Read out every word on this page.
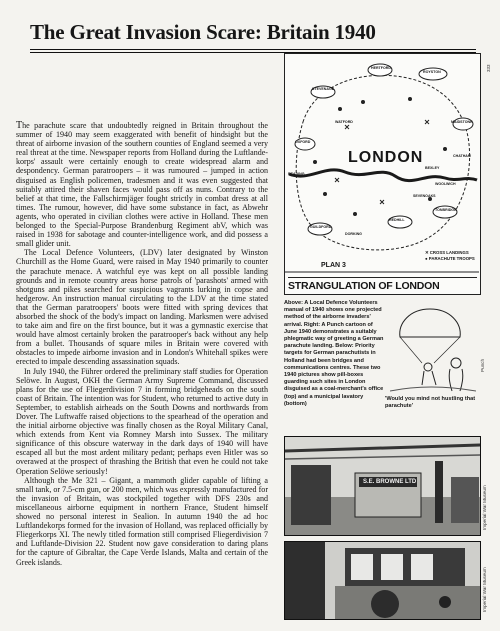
The Great Invasion Scare: Britain 1940

The parachute scare that undoubtedly reigned in Britain throughout the summer of 1940 may seem exaggerated with benefit of hindsight but the threat of airborne invasion of the southern counties of England seemed a very real threat at the time. Newspaper reports from Holland during the Luftlande-korps' assault were certainly enough to create widespread alarm and despondency. German paratroopers – it was rumoured – jumped in action disguised as English policemen, tradesmen and it was even suggested that suitably attired their shaven faces would pass off as nuns. Contrary to the belief at that time, the Fallschirmjäger fought strictly in combat dress at all times. The rumour, however, did have some substance in fact, as Abwehr agents, who operated in civilian clothes were active in Holland. These men belonged to the Special-Purpose Brandenburg Regiment abV, which was raised in 1938 for sabotage and counter-intelligence work, and did possess a small glider unit.

The Local Defence Volunteers, (LDV) later designated by Winston Churchill as the Home Guard, were raised in May 1940 primarily to counter the parachute menace. A watchful eye was kept on all possible landing grounds and in remote country areas horse patrols of 'parashots' armed with shotguns and pikes searched for suspicious vagrants lurking in copse and hedgerow. An instruction manual circulating to the LDV at the time stated that the German paratroopers' boots were fitted with spring devices that absorbed the shock of the body's impact on landing. Marksmen were advised to take aim and fire on the first bounce, but it was a gymnastic exercise that would have almost certainly broken the paratrooper's back without any help from a bullet. Thousands of square miles in Britain were covered with obstacles to impede airborne invasion and in London's Whitehall spikes were erected to impale descending assassination squads.

In July 1940, the Führer ordered the preliminary staff studies for Operation Selöwe. In August, OKH the German Army Supreme Command, discussed plans for the use of Fliegerdivision 7 in forming bridgeheads on the south coast of Britain. The intention was for Student, who returned to active duty in September, to establish airheads on the South Downs and northwards from Dover. The Luftwaffe raised objections to the spearhead of the operation and the initial airborne objective was finally chosen as the Royal Military Canal, which extends from Kent via Romney Marsh into Sussex. The military significance of this obscure waterway in the dark days of 1940 will have escaped all but the most ardent military pedant; perhaps even Hitler was so overawed at the prospect of thrashing the British that even he could not take Operation Selöwe seriously!

Although the Me 321 – Gigant, a mammoth glider capable of lifting a small tank, or 7.5-cm gun, or 200 men, which was expressly manufactured for the invasion of Britain, was stockpiled together with DFS 230s and miscellaneous airborne equipment in northern France, Student himself showed no personal interest in Sealion. In autumn 1940 the ad hoc Luftlandekorps formed for the invasion of Holland, was replaced officially by Fliegerkorps XI. The newly titled formation still comprised Fliegerdivision 7 and Luftlande-Division 22. Student now gave consideration to daring plans for the capture of Gibraltar, the Cape Verde Islands, Malta and certain of the Greek islands.

LONDON
STEVENAGE
HERTFORD
OXFORD
WATFORD
ROYSTON
GUILDFORD
TONBRIDGE
MAIDSTONE
SEVENOAKS
BEXLEY
DORKING
REDHILL
READING
WOOLWICH
CHATHAM
PLAN 3
✕ CROSS LANDINGS
● PARACHUTE TROOPS
STRANGULATION OF LONDON
333
Above: A Local Defence Volunteers manual of 1940 shows one projected method of the airborne invaders' arrival. Right: A Punch cartoon of June 1940 demonstrates a suitably phlegmatic way of greeting a German parachute landing. Below: Priority targets for German parachutists in Holland had been bridges and communications centres. These two 1940 pictures show pill-boxes guarding such sites in London disguised as a coal-merchant's office (top) and a municipal lavatory (bottom)
'Would you mind not hustling that parachute'
Punch
S.E. BROWNE LTD
Imperial War Museum
Imperial War Museum
